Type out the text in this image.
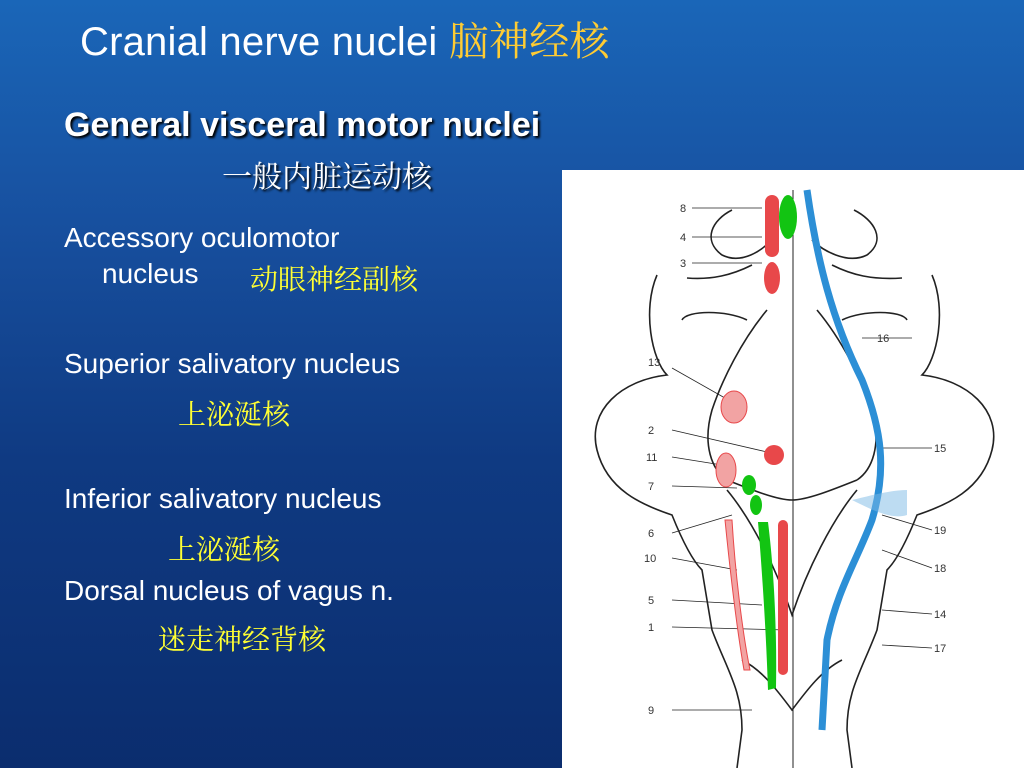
Cranial nerve nuclei 脑神经核
General visceral motor nuclei
一般内脏运动核
Accessory oculomotor
nucleus 动眼神经副核
Superior salivatory nucleus
上泌涎核
Inferior salivatory nucleus
上泌涎核
Dorsal nucleus of vagus n.
迷走神经背核
8
4
3
13
2
11
7
6
10
5
1
9
16
15
19
18
14
17
